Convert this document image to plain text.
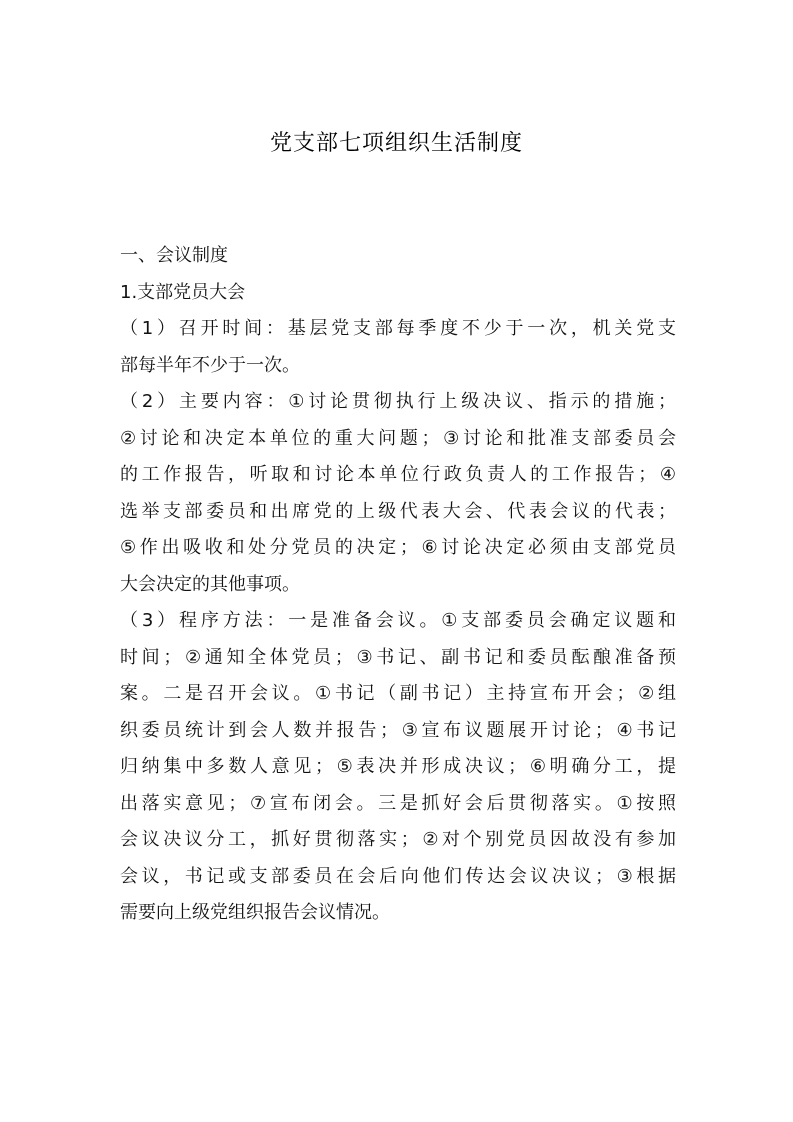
党支部七项组织生活制度
一、会议制度
1.支部党员大会
（1）召开时间：基层党支部每季度不少于一次，机关党支
部每半年不少于一次。
（2）主要内容：①讨论贯彻执行上级决议、指示的措施；
②讨论和决定本单位的重大问题；③讨论和批准支部委员会
的工作报告，听取和讨论本单位行政负责人的工作报告；④
选举支部委员和出席党的上级代表大会、代表会议的代表；
⑤作出吸收和处分党员的决定；⑥讨论决定必须由支部党员
大会决定的其他事项。
（3）程序方法：一是准备会议。①支部委员会确定议题和
时间；②通知全体党员；③书记、副书记和委员酝酿准备预
案。二是召开会议。①书记（副书记）主持宣布开会；②组
织委员统计到会人数并报告；③宣布议题展开讨论；④书记
归纳集中多数人意见；⑤表决并形成决议；⑥明确分工，提
出落实意见；⑦宣布闭会。三是抓好会后贯彻落实。①按照
会议决议分工，抓好贯彻落实；②对个别党员因故没有参加
会议，书记或支部委员在会后向他们传达会议决议；③根据
需要向上级党组织报告会议情况。
